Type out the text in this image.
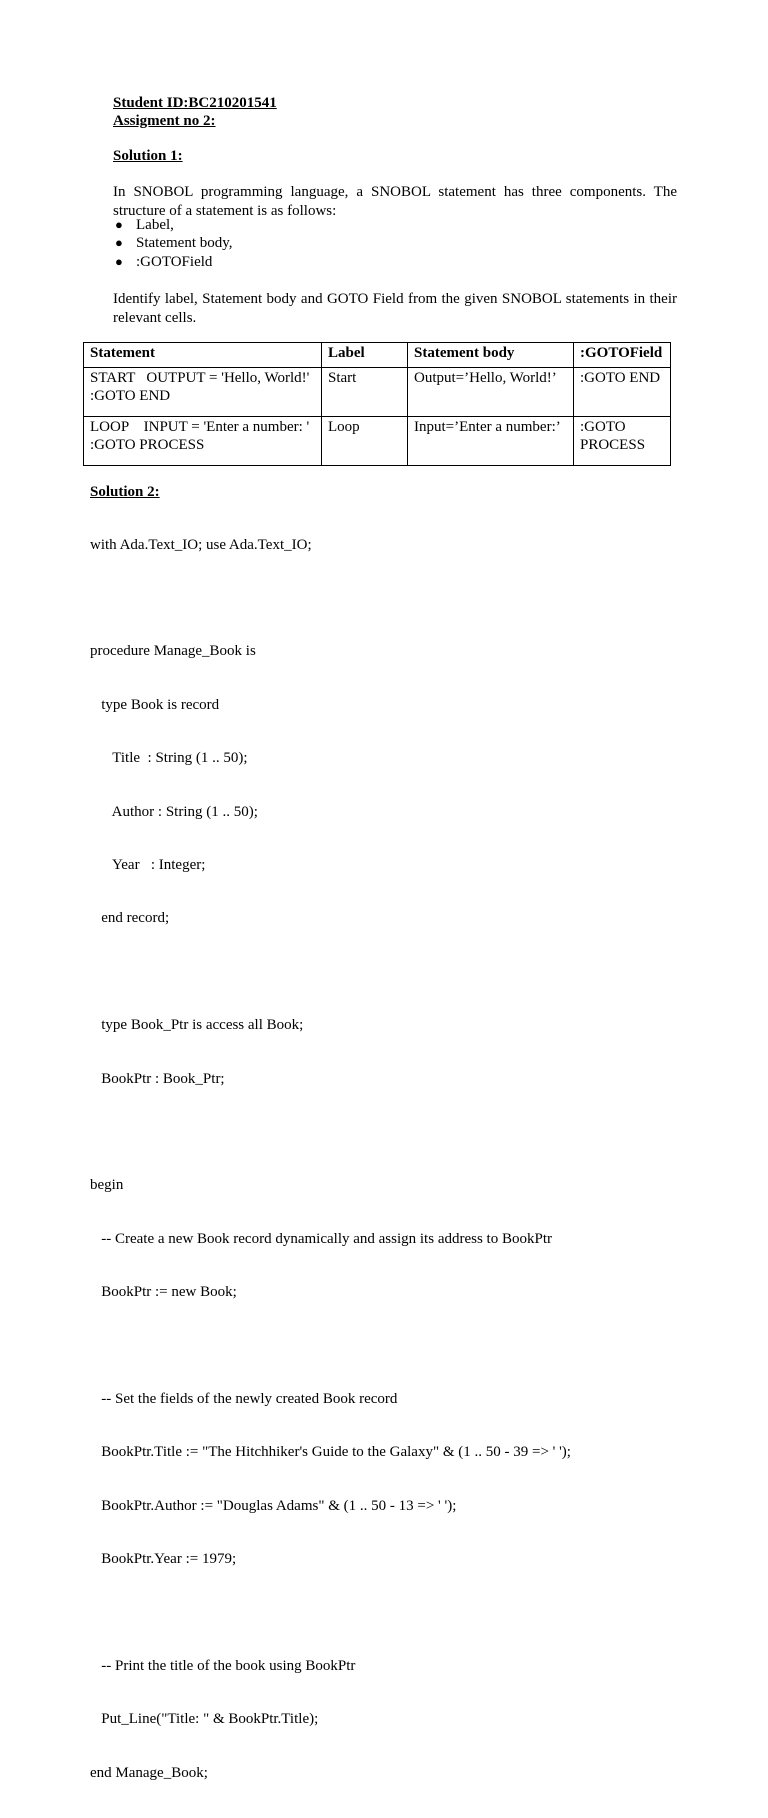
Student ID:BC210201541
Assigment no 2:
Solution 1:
In SNOBOL programming language, a SNOBOL statement has three components. The structure of a statement is as follows:
● Label,
● Statement body,
● :GOTOField
Identify label, Statement body and GOTO Field from the given SNOBOL statements in their relevant cells.
Statement	Label	Statement body	:GOTOField
START   OUTPUT = 'Hello, World!' :GOTO END	Start	Output=’Hello, World!’	:GOTO END
LOOP    INPUT = 'Enter a number: ' :GOTO PROCESS	Loop	Input=’Enter a number:’	:GOTO PROCESS
Solution 2:

with Ada.Text_IO; use Ada.Text_IO;

procedure Manage_Book is

type Book is record

Title  : String (1 .. 50);

Author : String (1 .. 50);

Year   : Integer;

end record;

type Book_Ptr is access all Book;

BookPtr : Book_Ptr;

begin

-- Create a new Book record dynamically and assign its address to BookPtr

BookPtr := new Book;

-- Set the fields of the newly created Book record

BookPtr.Title := "The Hitchhiker's Guide to the Galaxy" & (1 .. 50 - 39 => ' ');

BookPtr.Author := "Douglas Adams" & (1 .. 50 - 13 => ' ');

BookPtr.Year := 1979;

-- Print the title of the book using BookPtr

Put_Line("Title: " & BookPtr.Title);

end Manage_Book;
